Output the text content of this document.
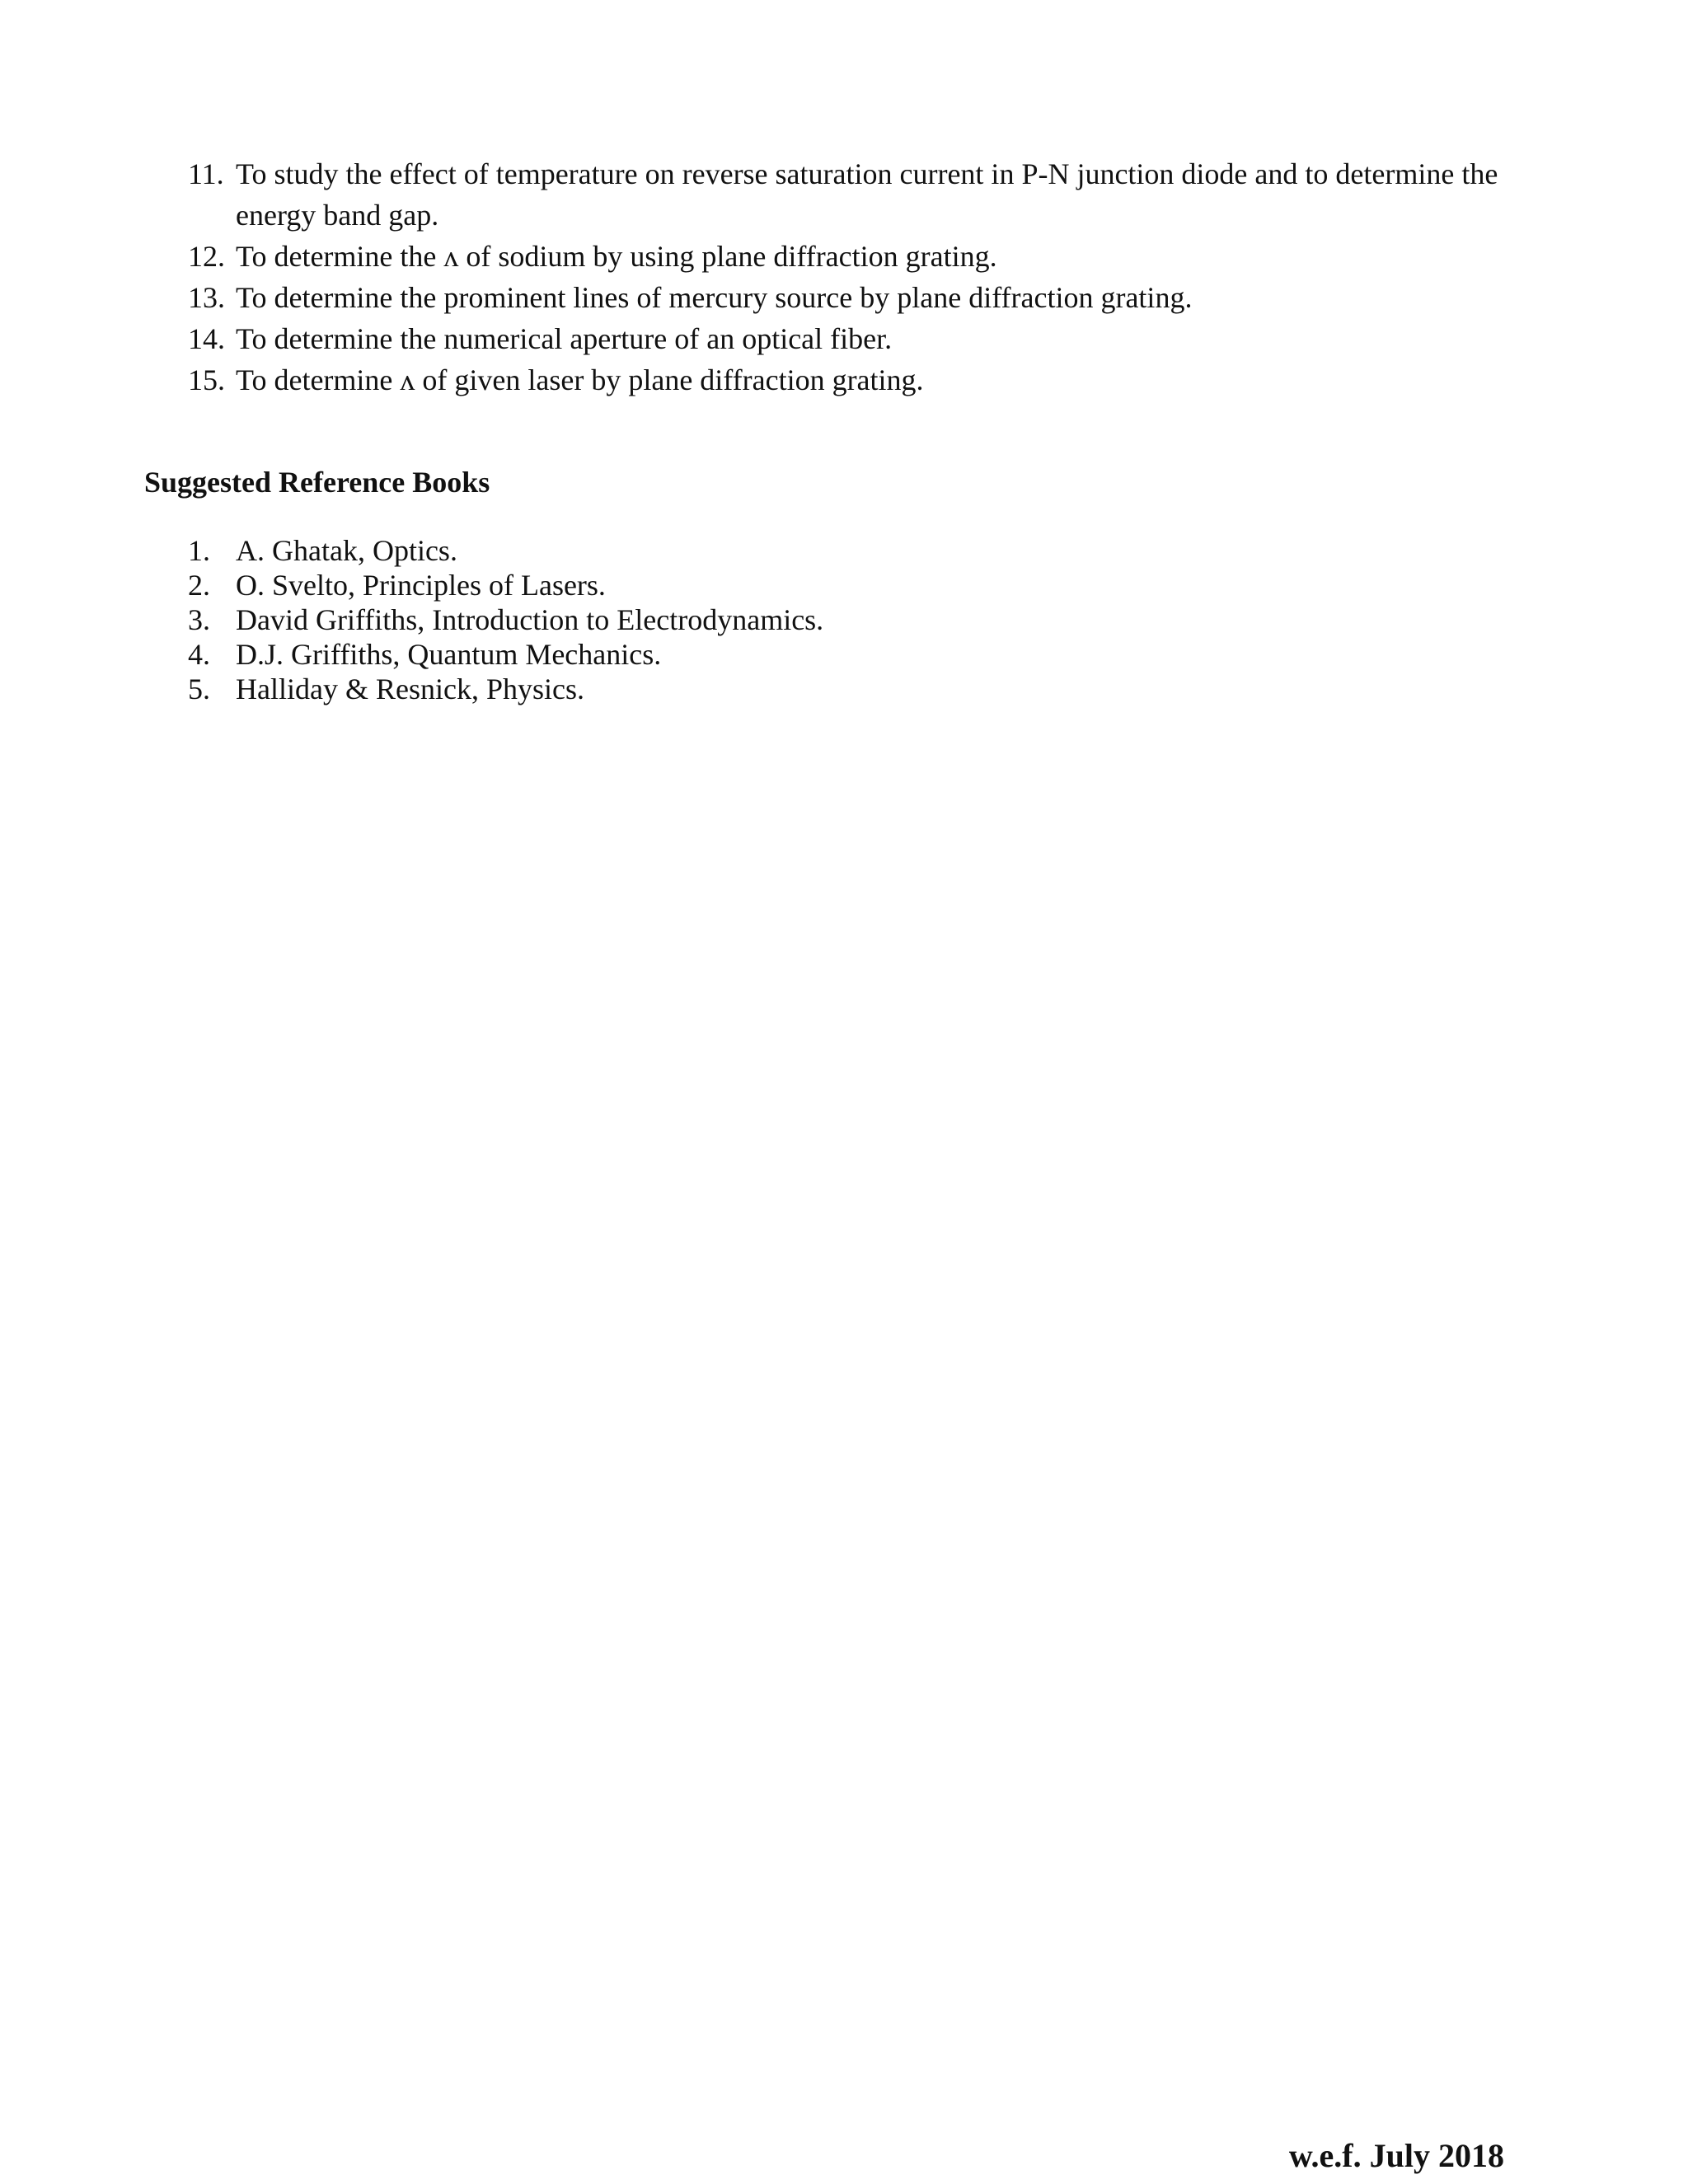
11. To study the effect of temperature on reverse saturation current in P-N junction diode and to determine the energy band gap.
12. To determine the ʌ of sodium by using plane diffraction grating.
13. To determine the prominent lines of mercury source by plane diffraction grating.
14. To determine the numerical aperture of an optical fiber.
15. To determine ʌ of given laser by plane diffraction grating.
Suggested Reference Books
1. A. Ghatak, Optics.
2. O. Svelto, Principles of Lasers.
3. David Griffiths, Introduction to Electrodynamics.
4. D.J. Griffiths, Quantum Mechanics.
5. Halliday & Resnick, Physics.
w.e.f. July 2018
